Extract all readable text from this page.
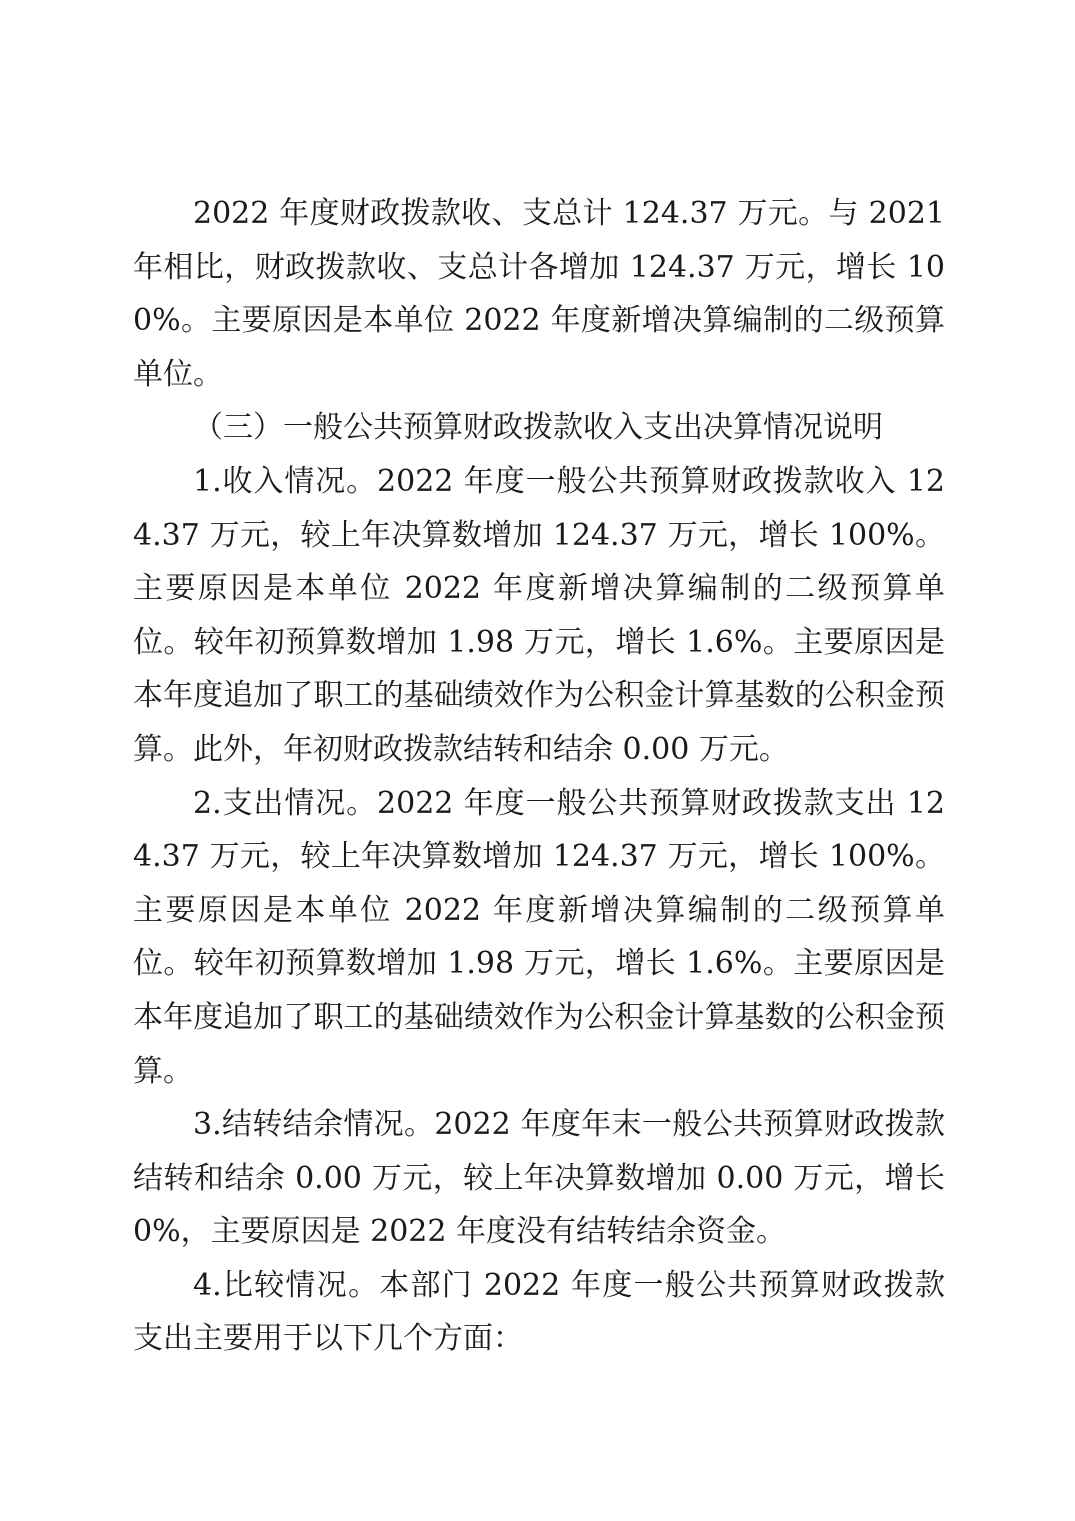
2022 年度财政拨款收、支总计 124.37 万元。与 2021 年相比，财政拨款收、支总计各增加 124.37 万元，增长 100%。主要原因是本单位 2022 年度新增决算编制的二级预算单位。

（三）一般公共预算财政拨款收入支出决算情况说明

1.收入情况。2022 年度一般公共预算财政拨款收入 124.37 万元，较上年决算数增加 124.37 万元，增长 100%。主要原因是本单位 2022 年度新增决算编制的二级预算单位。较年初预算数增加 1.98 万元，增长 1.6%。主要原因是本年度追加了职工的基础绩效作为公积金计算基数的公积金预算。此外，年初财政拨款结转和结余 0.00 万元。

2.支出情况。2022 年度一般公共预算财政拨款支出 124.37 万元，较上年决算数增加 124.37 万元，增长 100%。主要原因是本单位 2022 年度新增决算编制的二级预算单位。较年初预算数增加 1.98 万元，增长 1.6%。主要原因是本年度追加了职工的基础绩效作为公积金计算基数的公积金预算。

3.结转结余情况。2022 年度年末一般公共预算财政拨款结转和结余 0.00 万元，较上年决算数增加 0.00 万元，增长 0%，主要原因是 2022 年度没有结转结余资金。

4.比较情况。本部门 2022 年度一般公共预算财政拨款支出主要用于以下几个方面：
